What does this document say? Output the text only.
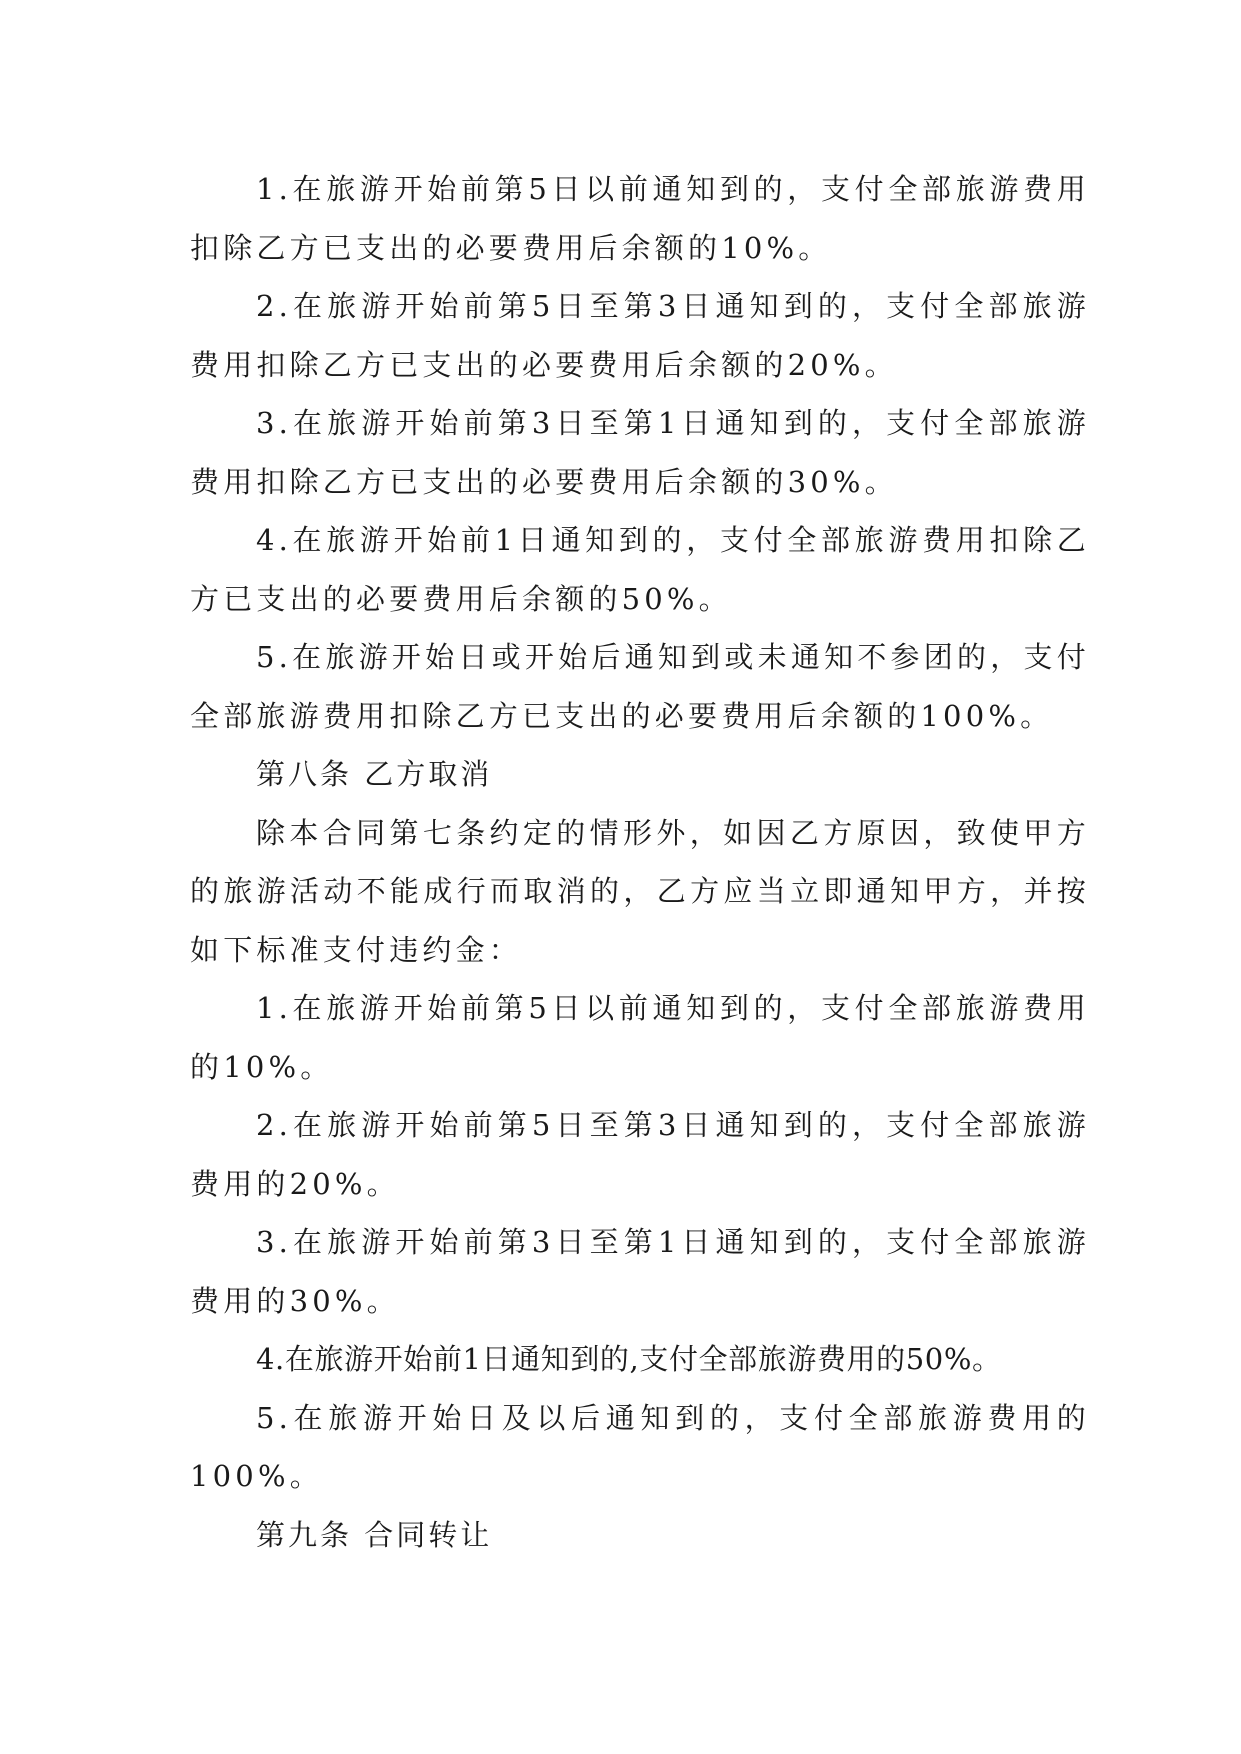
1.在旅游开始前第5日以前通知到的，支付全部旅游费用扣除乙方已支出的必要费用后余额的10%。

2.在旅游开始前第5日至第3日通知到的，支付全部旅游费用扣除乙方已支出的必要费用后余额的20%。

3.在旅游开始前第3日至第1日通知到的，支付全部旅游费用扣除乙方已支出的必要费用后余额的30%。

4.在旅游开始前1日通知到的，支付全部旅游费用扣除乙方已支出的必要费用后余额的50%。

5.在旅游开始日或开始后通知到或未通知不参团的，支付全部旅游费用扣除乙方已支出的必要费用后余额的100%。

第八条 乙方取消

除本合同第七条约定的情形外，如因乙方原因，致使甲方的旅游活动不能成行而取消的，乙方应当立即通知甲方，并按如下标准支付违约金：

1.在旅游开始前第5日以前通知到的，支付全部旅游费用的10%。

2.在旅游开始前第5日至第3日通知到的，支付全部旅游费用的20%。

3.在旅游开始前第3日至第1日通知到的，支付全部旅游费用的30%。

4.在旅游开始前1日通知到的,支付全部旅游费用的50%。

5.在旅游开始日及以后通知到的，支付全部旅游费用的100%。

第九条 合同转让
